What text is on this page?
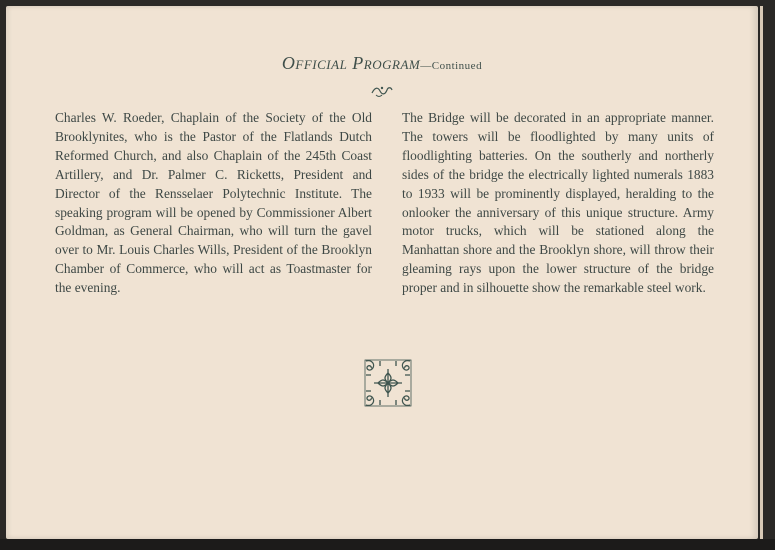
Official Program—Continued
Charles W. Roeder, Chaplain of the Society of the Old Brooklynites, who is the Pastor of the Flatlands Dutch Reformed Church, and also Chaplain of the 245th Coast Artillery, and Dr. Palmer C. Ricketts, President and Director of the Rensselaer Polytechnic Institute. The speaking program will be opened by Commissioner Albert Goldman, as General Chairman, who will turn the gavel over to Mr. Louis Charles Wills, President of the Brooklyn Chamber of Commerce, who will act as Toastmaster for the evening.
The Bridge will be decorated in an appropriate manner. The towers will be floodlighted by many units of floodlighting batteries. On the southerly and northerly sides of the bridge the electrically lighted numerals 1883 to 1933 will be prominently displayed, heralding to the onlooker the anniversary of this unique structure. Army motor trucks, which will be stationed along the Manhattan shore and the Brooklyn shore, will throw their gleaming rays upon the lower structure of the bridge proper and in silhouette show the remarkable steel work.
